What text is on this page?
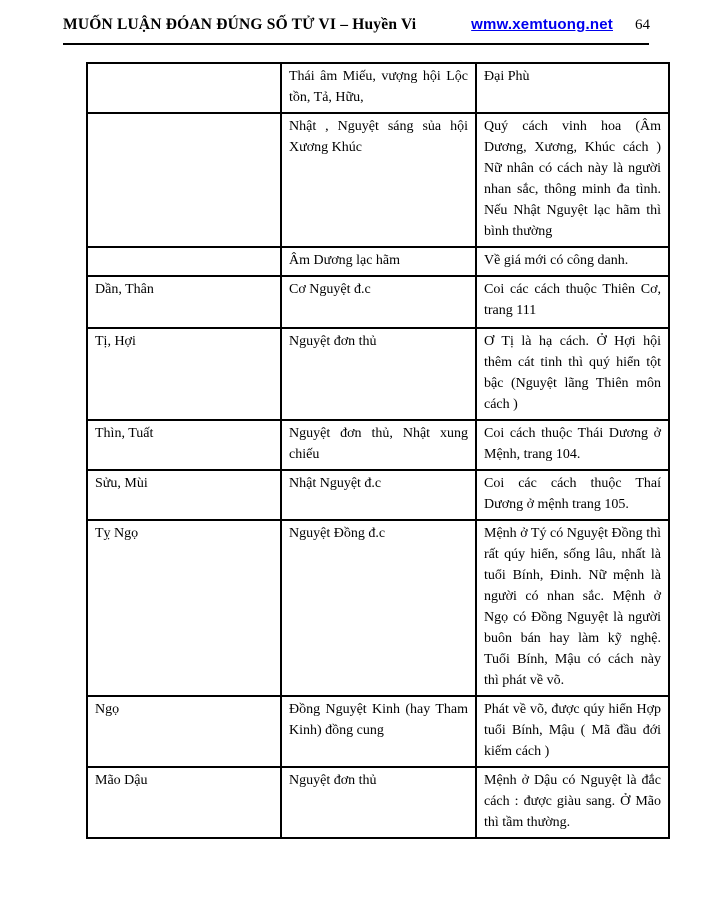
MUỐN LUẬN ĐÓAN ĐÚNG SỐ TỬ VI – Huyền Vi	wmw.xemtuong.net 64
	Thái âm Miếu, vượng hội Lộc tồn, Tả, Hữu,	Đại Phù
	Nhật , Nguyệt sáng sủa hội Xương Khúc	Quý cách vinh hoa (Âm Dương, Xương, Khúc cách ) Nữ nhân có cách này là người nhan sắc, thông minh đa tình. Nếu Nhật Nguyệt lạc hãm thì bình thường
	Âm Dương lạc hãm	Về giá mới có công danh.
Dần, Thân	Cơ Nguyệt đ.c	Coi các cách thuộc Thiên Cơ, trang 111
Tị, Hợi	Nguyệt đơn thủ	Ơ Tị là hạ cách. Ở Hợi hội thêm cát tinh thì quý hiển tột bậc (Nguyệt lãng Thiên môn cách )
Thìn, Tuất	Nguyệt đơn thủ, Nhật xung chiếu	Coi cách thuộc Thái Dương ở Mệnh, trang 104.
Sửu, Mùi	Nhật Nguyệt đ.c	Coi các cách thuộc Thaí Dương ở mệnh trang 105.
Tỵ Ngọ	Nguyệt Đồng đ.c	Mệnh ở Tý có Nguyệt Đồng thì rất qúy hiển, sống lâu, nhất là tuổi Bính, Đinh. Nữ mệnh là người có nhan sắc. Mệnh ở Ngọ có Đồng Nguyệt là người buôn bán hay làm kỹ nghệ. Tuổi Bính, Mậu có cách này thì phát về võ.
Ngọ	Đồng Nguyệt Kinh (hay Tham Kinh) đồng cung	Phát về võ, được qúy hiển Hợp tuổi Bính, Mậu ( Mã đầu đới kiếm cách )
Mão Dậu	Nguyệt đơn thủ	Mệnh ở Dậu có Nguyệt là đắc cách : được giàu sang. Ở Mão thì tầm thường.
